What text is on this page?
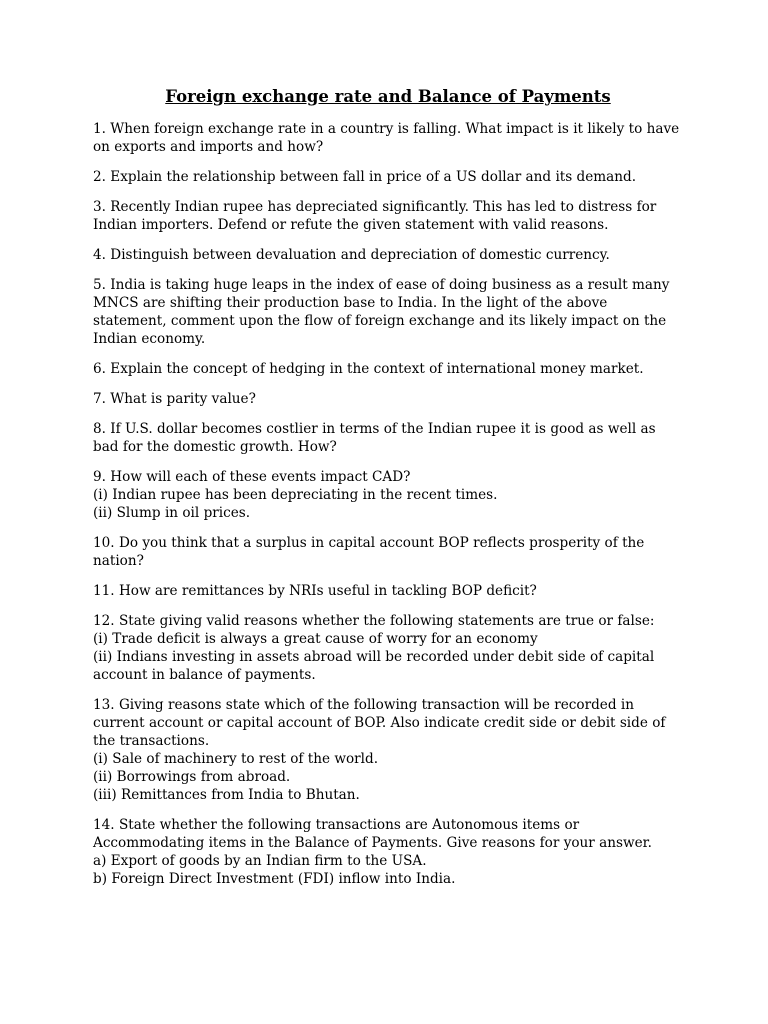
Foreign exchange rate and Balance of Payments
1. When foreign exchange rate in a country is falling. What impact is it likely to have on exports and imports and how?
2. Explain the relationship between fall in price of a US dollar and its demand.
3. Recently Indian rupee has depreciated significantly. This has led to distress for Indian importers. Defend or refute the given statement with valid reasons.
4. Distinguish between devaluation and depreciation of domestic currency.
5. India is taking huge leaps in the index of ease of doing business as a result many MNCS are shifting their production base to India. In the light of the above statement, comment upon the flow of foreign exchange and its likely impact on the Indian economy.
6. Explain the concept of hedging in the context of international money market.
7. What is parity value?
8. If U.S. dollar becomes costlier in terms of the Indian rupee it is good as well as bad for the domestic growth. How?
9. How will each of these events impact CAD?
(i) Indian rupee has been depreciating in the recent times.
(ii) Slump in oil prices.
10. Do you think that a surplus in capital account BOP reflects prosperity of the nation?
11. How are remittances by NRIs useful in tackling BOP deficit?
12. State giving valid reasons whether the following statements are true or false:
(i) Trade deficit is always a great cause of worry for an economy
(ii) Indians investing in assets abroad will be recorded under debit side of capital account in balance of payments.
13. Giving reasons state which of the following transaction will be recorded in current account or capital account of BOP. Also indicate credit side or debit side of the transactions.
(i) Sale of machinery to rest of the world.
(ii) Borrowings from abroad.
(iii) Remittances from India to Bhutan.
14. State whether the following transactions are Autonomous items or Accommodating items in the Balance of Payments. Give reasons for your answer.
a) Export of goods by an Indian firm to the USA.
b) Foreign Direct Investment (FDI) inflow into India.
